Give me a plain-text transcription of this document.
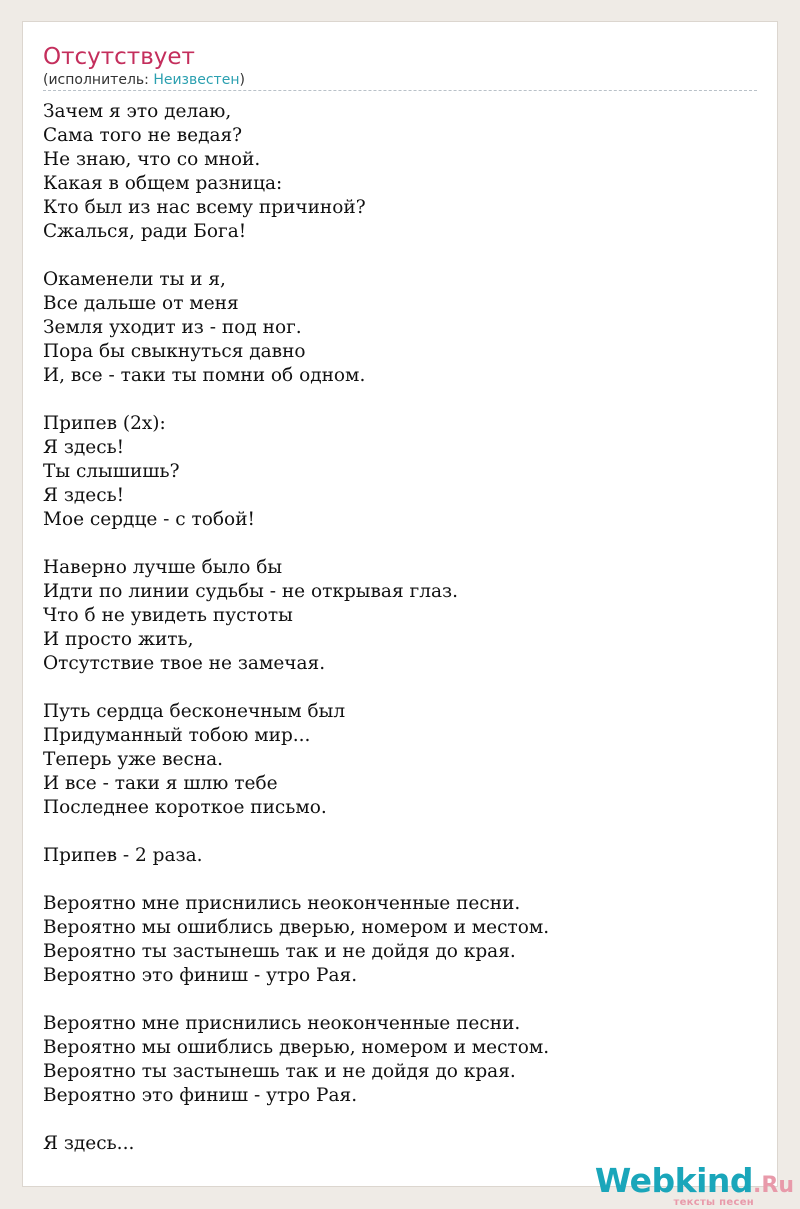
Отсутствует
(исполнитель: Неизвестен)
Зачем я это делаю,
Сама того не ведая?
Не знаю, что со мной.
Какая в общем разница:
Кто был из нас всему причиной?
Сжалься, ради Бога!
Окаменели ты и я,
Все дальше от меня
Земля уходит из - под ног.
Пора бы свыкнуться давно
И, все - таки ты помни об одном.
Припев (2х):
Я здесь!
Ты слышишь?
Я здесь!
Мое сердце - с тобой!
Наверно лучше было бы
Идти по линии судьбы - не открывая глаз.
Что б не увидеть пустоты
И просто жить,
Отсутствие твое не замечая.
Путь сердца бесконечным был
Придуманный тобою мир...
Теперь уже весна.
И все - таки я шлю тебе
Последнее короткое письмо.
Припев - 2 раза.
Вероятно мне приснились неоконченные песни.
Вероятно мы ошиблись дверью, номером и местом.
Вероятно ты застынешь так и не дойдя до края.
Вероятно это финиш - утро Рая.
Вероятно мне приснились неоконченные песни.
Вероятно мы ошиблись дверью, номером и местом.
Вероятно ты застынешь так и не дойдя до края.
Вероятно это финиш - утро Рая.
Я здесь...
Webkind.Ru
тексты песен
